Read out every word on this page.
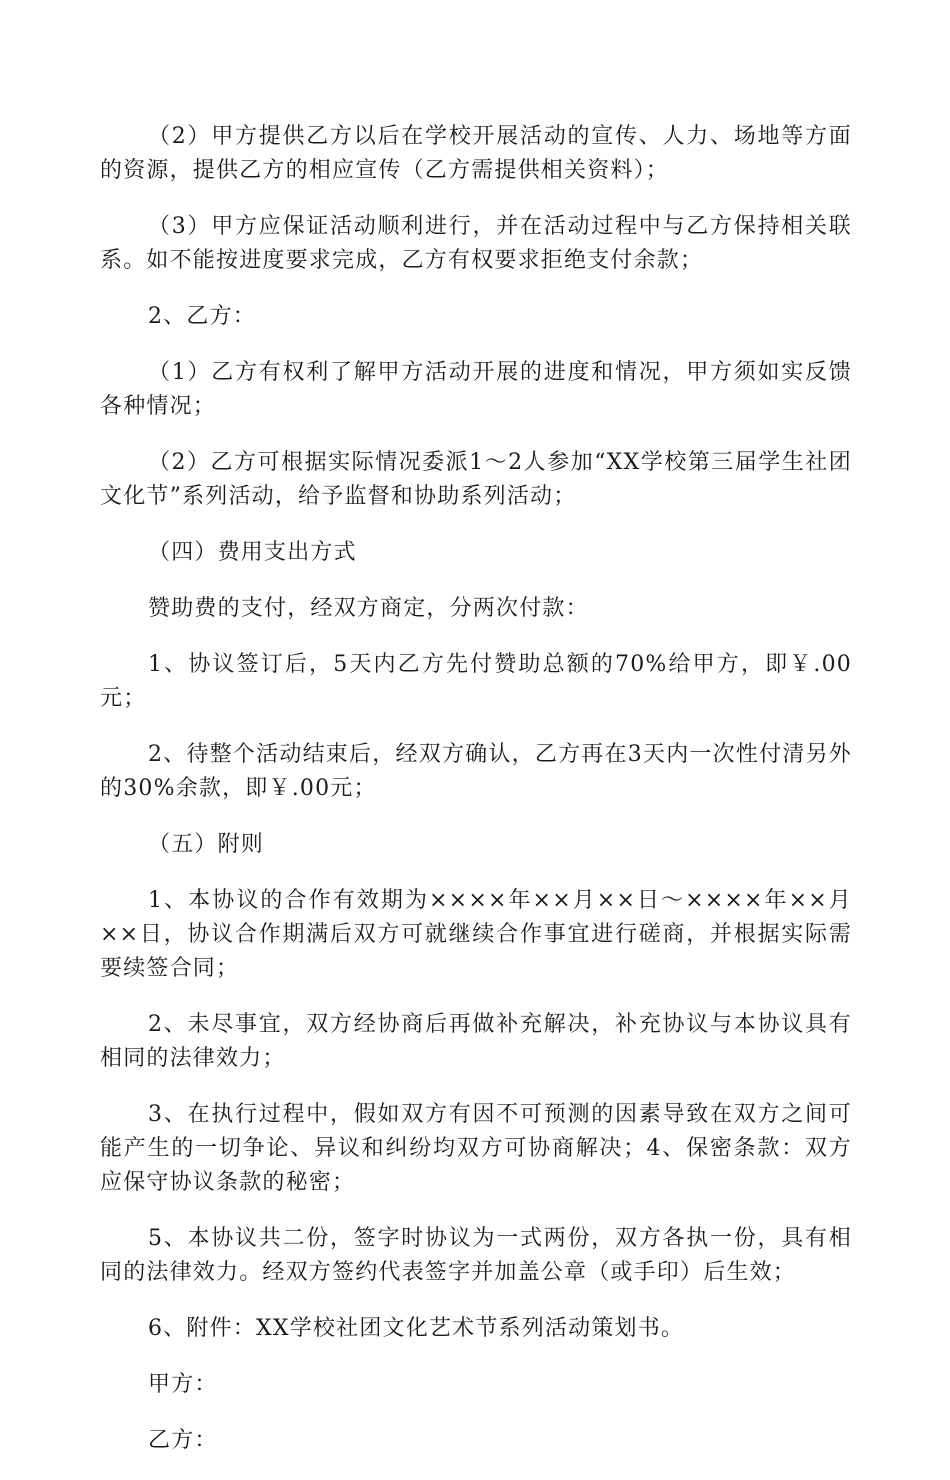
（2）甲方提供乙方以后在学校开展活动的宣传、人力、场地等方面的资源，提供乙方的相应宣传（乙方需提供相关资料）；

（3）甲方应保证活动顺利进行，并在活动过程中与乙方保持相关联系。如不能按进度要求完成，乙方有权要求拒绝支付余款；

2、乙方：

（1）乙方有权利了解甲方活动开展的进度和情况，甲方须如实反馈各种情况；

（2）乙方可根据实际情况委派1～2人参加“XX学校第三届学生社团文化节”系列活动，给予监督和协助系列活动；

（四）费用支出方式

赞助费的支付，经双方商定，分两次付款：

1、协议签订后，5天内乙方先付赞助总额的70%给甲方，即￥.00元；

2、待整个活动结束后，经双方确认，乙方再在3天内一次性付清另外的30%余款，即￥.00元；

（五）附则

1、本协议的合作有效期为××××年××月××日～××××年××月××日，协议合作期满后双方可就继续合作事宜进行磋商，并根据实际需要续签合同；

2、未尽事宜，双方经协商后再做补充解决，补充协议与本协议具有相同的法律效力；

3、在执行过程中，假如双方有因不可预测的因素导致在双方之间可能产生的一切争论、异议和纠纷均双方可协商解决；4、保密条款：双方应保守协议条款的秘密；

5、本协议共二份，签字时协议为一式两份，双方各执一份，具有相同的法律效力。经双方签约代表签字并加盖公章（或手印）后生效；

6、附件：XX学校社团文化艺术节系列活动策划书。

甲方：

乙方：
